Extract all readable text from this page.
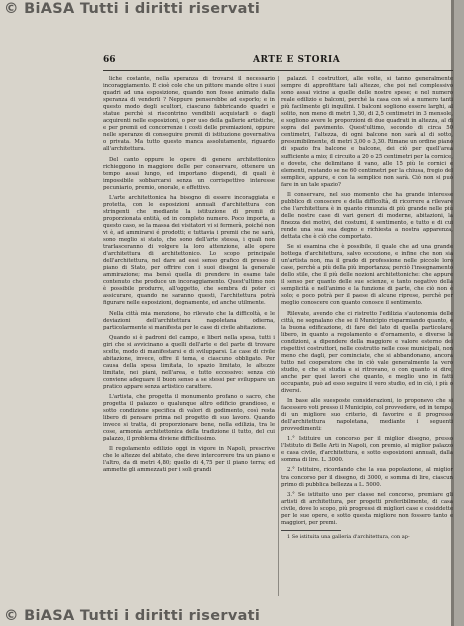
© BiASA Tutti i diritti riservati
66	ARTE E STORIA

liche costante, nella speranza di trovarsi il necessario incoraggiamento. E cioè cole che un pittore mande oltre i suoi quadri ad una esposizione, quando non fosse animato dalla speranza di venderli ? Neppure penserebbe ad esporlo; e in questo modo degli scultori, ciascuno fabbricando quadri e statue perchè si riscontrino vendibili acquistarli o dagli acquirenti nelle esposizioni, o per uso della gallerie artistiche, e per premii ed concorrenze i costi delle premiazioni, oppure nelle speranze di conseguire premii di istituzione governativa o privata. Ma tutto questo manca assolutamente, riguardo all'architettura.

Del canto oppure le opere di genere architettonico richieggono in maggiore delle per conservare, ottenere un tempo assai lungo, ed importano dispendi, di quali è impossibile sobbarcarsi senza un corrispettivo interesse pecuniario, premio, onorale, e effettivo.

L'arte architettonica ha bisogno di essere incoraggiata e protetta, con le esposizioni annuali d'architettura con stringenti che mediante la istituzione di premii di proporzionata entità, ed in completo numero. Poco importa, a questo caso, se la massa dei visitatori vi si fermerà, poiché non vi è, ad ammirarsi é prodotti; e tuttavia i premii che ne sarà, sono meglio si stato, che sono dell'arte stessa, i quali non trarlasceranno di volgere la loro attenzione, alle opere d'architettura di architettonico. Lo scopo principale dell'architettura, nel dare ad essi senso grafico di presso il piano di Stato, per offrire con i suoi disegni la generale ammirazione; ma bensì quella di prendere in esame tale contenuto che produce un incoraggiamento. Quest'ultimo non è possibile produrre, all'oggetto, che sembra di poter ci assicurare, quando ne saranno questi, l'architettura potrà figurare nelle esposizioni, degnamente, ed anche utilmente.

Nella città mia menzione, ho rilevato che la difficoltà, e le deviazioni dell'architettura napoletana odierna, particolarmente si manifesta per le case di civile abitazione.

Quando si è padroni del campo, e liberi nella spesa, tutti i giri che si avvicinano a quelli dell'arte e del parte di trovare scelte, modo di manifestarsi e di svilupparsi. Le case di civile abitazione, invece, offre il tema, e ciascuno obbligato. Per causa della spesa limitata, lo spazio limitato, le altezze limitate, nei piani, nell'area, e tutto eccessivo: senza ciò conviene adeguare il buon senso a se stessi per sviluppare un pratico appare senza artistico carattere.

L'artista, che progetta il monumento profano o sacro, che progetta il palazzo o qualunque altro edificio grandioso, e sotto condizione specifica di valori di godimento, così resta libero di pensare prima nel progetto di suo lavoro. Quando invece si tratta, di proporzionare bene, nella edilizia, tra le cose, armonia architettonica della tradizione il tutto, del cui palazzo, il problema diviene difficilissimo.

Il regolamento edilizio oggi in vigore in Napoli, prescrive che le altezze del abitato, che deve intercorrere tra un piano e l'altro, da di metri 4,80; quello di 4,75 per il piano terra; ed ammette gli ammezzati per i soli grandi

palazzi. I costruttori, alle volte, si tanno generalmente sempre di approfittare tali altezze, che poi nel complessivo sono assai vicine a quelle delle nostre spese; e nel numero reale edilizio e balconi, perché la casa con sé a numero tanti più facilmente gli inquilini. I balconi sogliono essere larghi, al solito, non meno di metri 1,30, di 2,5 centimetri in 3 mensole, e sogliono avere le proporzioni di due quadrati in altezza, al di sopra del pavimento. Quest'ultimo, secondo di circa 50 centimetri, l'altezza, di ogni balcone non sarà al di sotto, presumibilmente, di metri 3,00 o 3,30. Rimane un ordine piano di spazio fra balcone e balcone, dei ciò per quell'area sufficiente a mio; il circuito a 20 o 25 centimetri per la cornice, e dovete, che delimitano il vano, alle 15 più le cornici e elementi, restando se ne 60 centimetri per la chiusa, fregio del semplice, appure, e con la semplice non sarà. Ciò non si può fare in un tale spazio?

Il conservare, nel suo momento che ha grande interesse pubblico di conoscere e della difficoltà, di ricorrere a rilevare che l'architettura è in quanto rinunzia di più grande nelle più delle nostre case di vari generi di moderne, abitazioni, la finezza dei motivi, dei costumi, il sentimento, e tutto e di cui rende una sua sua degno e richiesta a nostra apparenza, dettata che è ciò che comportato.

Se si esamina che è possibile, il quale che ad una grande bottega d'architettura, salvo eccezione, e infine che non sia un'artista non, ma il grado di professione nelle piccole loro case, perchè a più della più importanza; perciò l'insegnamento dello stile, che il più delle nozioni architettoniche: che appure il senso per quanto delle sue scienze, e tanto negativo della semplicità e nell'animo e la funzione di parte, che ciò non è solo; e poco potrà per il paese di alcune riprese, perchè per meglio conoscere con quanto conosce il sentimento.

Rilevate, avendo che ci ristretto l'edilizia s'autonomia delle città, ne segnalano che se il Municipio risparmiando quanto, e la buona edificazione, di fare del lato di quella particolare, libero, in quanto a regolamento e d'ornamento, e diverse le condizioni, a dipendere della maggiore e valore esterno dei rispettivi costruttori, nelle costrutto nelle cose municipali, non meno che dagli, per cominciate, che si abbandonano, ancora tutto nel cooperatore che in ciò vale generalmente la vero studio, e che si studia e si ritrovano, o con quanto si dire, anche per quei lavori che quanto, e meglio uno in fatti occupante, può ad esso seguire il vero studio, ed in ciò, i più o diversi.

In base alle suesposte considerazioni, io proponevo che si facessero voti presso il Municipio, col provvedere, ed in tempo, di un migliore suo criterio, di favorire e il progresso dell'architettura napoletana, mediante i seguenti provvedimenti:

1.° Istituire un concorso per il miglior disegno, presso l'Istituto di Belle Arti in Napoli, con premio, al miglior palazzo e casa civile, d'architettura, e sotto esposizioni annuali, dalla somma di lire. L. 3000.

2.° Istituire, ricordando che la sua popolazione, al miglior tra concorso per il disegno, di 3000, e somma di lire, ciascun primo di pubblica bellezza a L. 5000.

3.° Se istituito uno per classe nel concorso, premiare gli artisti di architettura, per progetti preferibilmente, di casa civile, dove lo scopo, più progressi di migliori case e cosiddette per le sue opere, e sotto questa migliore non fossero tanto e maggiori, per premi.

1 Se istituita una galleria d'architettura, con ap-

© BiASA Tutti i diritti riservati
